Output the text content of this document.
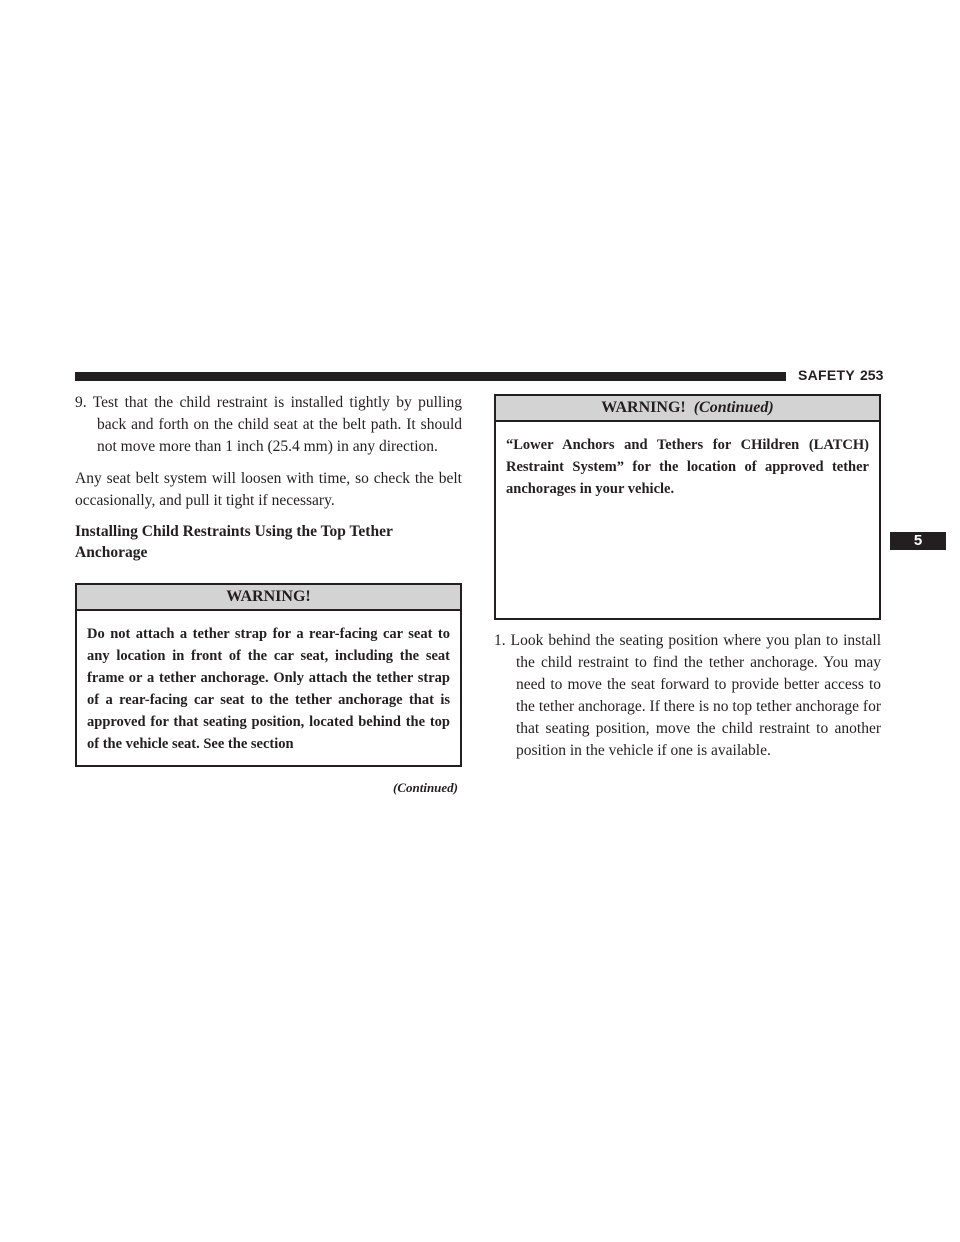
SAFETY 253
5

9. Test that the child restraint is installed tightly by pulling back and forth on the child seat at the belt path. It should not move more than 1 inch (25.4 mm) in any direction.

Any seat belt system will loosen with time, so check the belt occasionally, and pull it tight if necessary.

Installing Child Restraints Using the Top Tether Anchorage

WARNING!
Do not attach a tether strap for a rear-facing car seat to any location in front of the car seat, including the seat frame or a tether anchorage. Only attach the tether strap of a rear-facing car seat to the tether anchorage that is approved for that seating position, located behind the top of the vehicle seat. See the section
(Continued)
WARNING! (Continued)
“Lower Anchors and Tethers for CHildren (LATCH) Restraint System” for the location of approved tether anchorages in your vehicle.

1. Look behind the seating position where you plan to install the child restraint to find the tether anchorage. You may need to move the seat forward to provide better access to the tether anchorage. If there is no top tether anchorage for that seating position, move the child restraint to another position in the vehicle if one is available.
